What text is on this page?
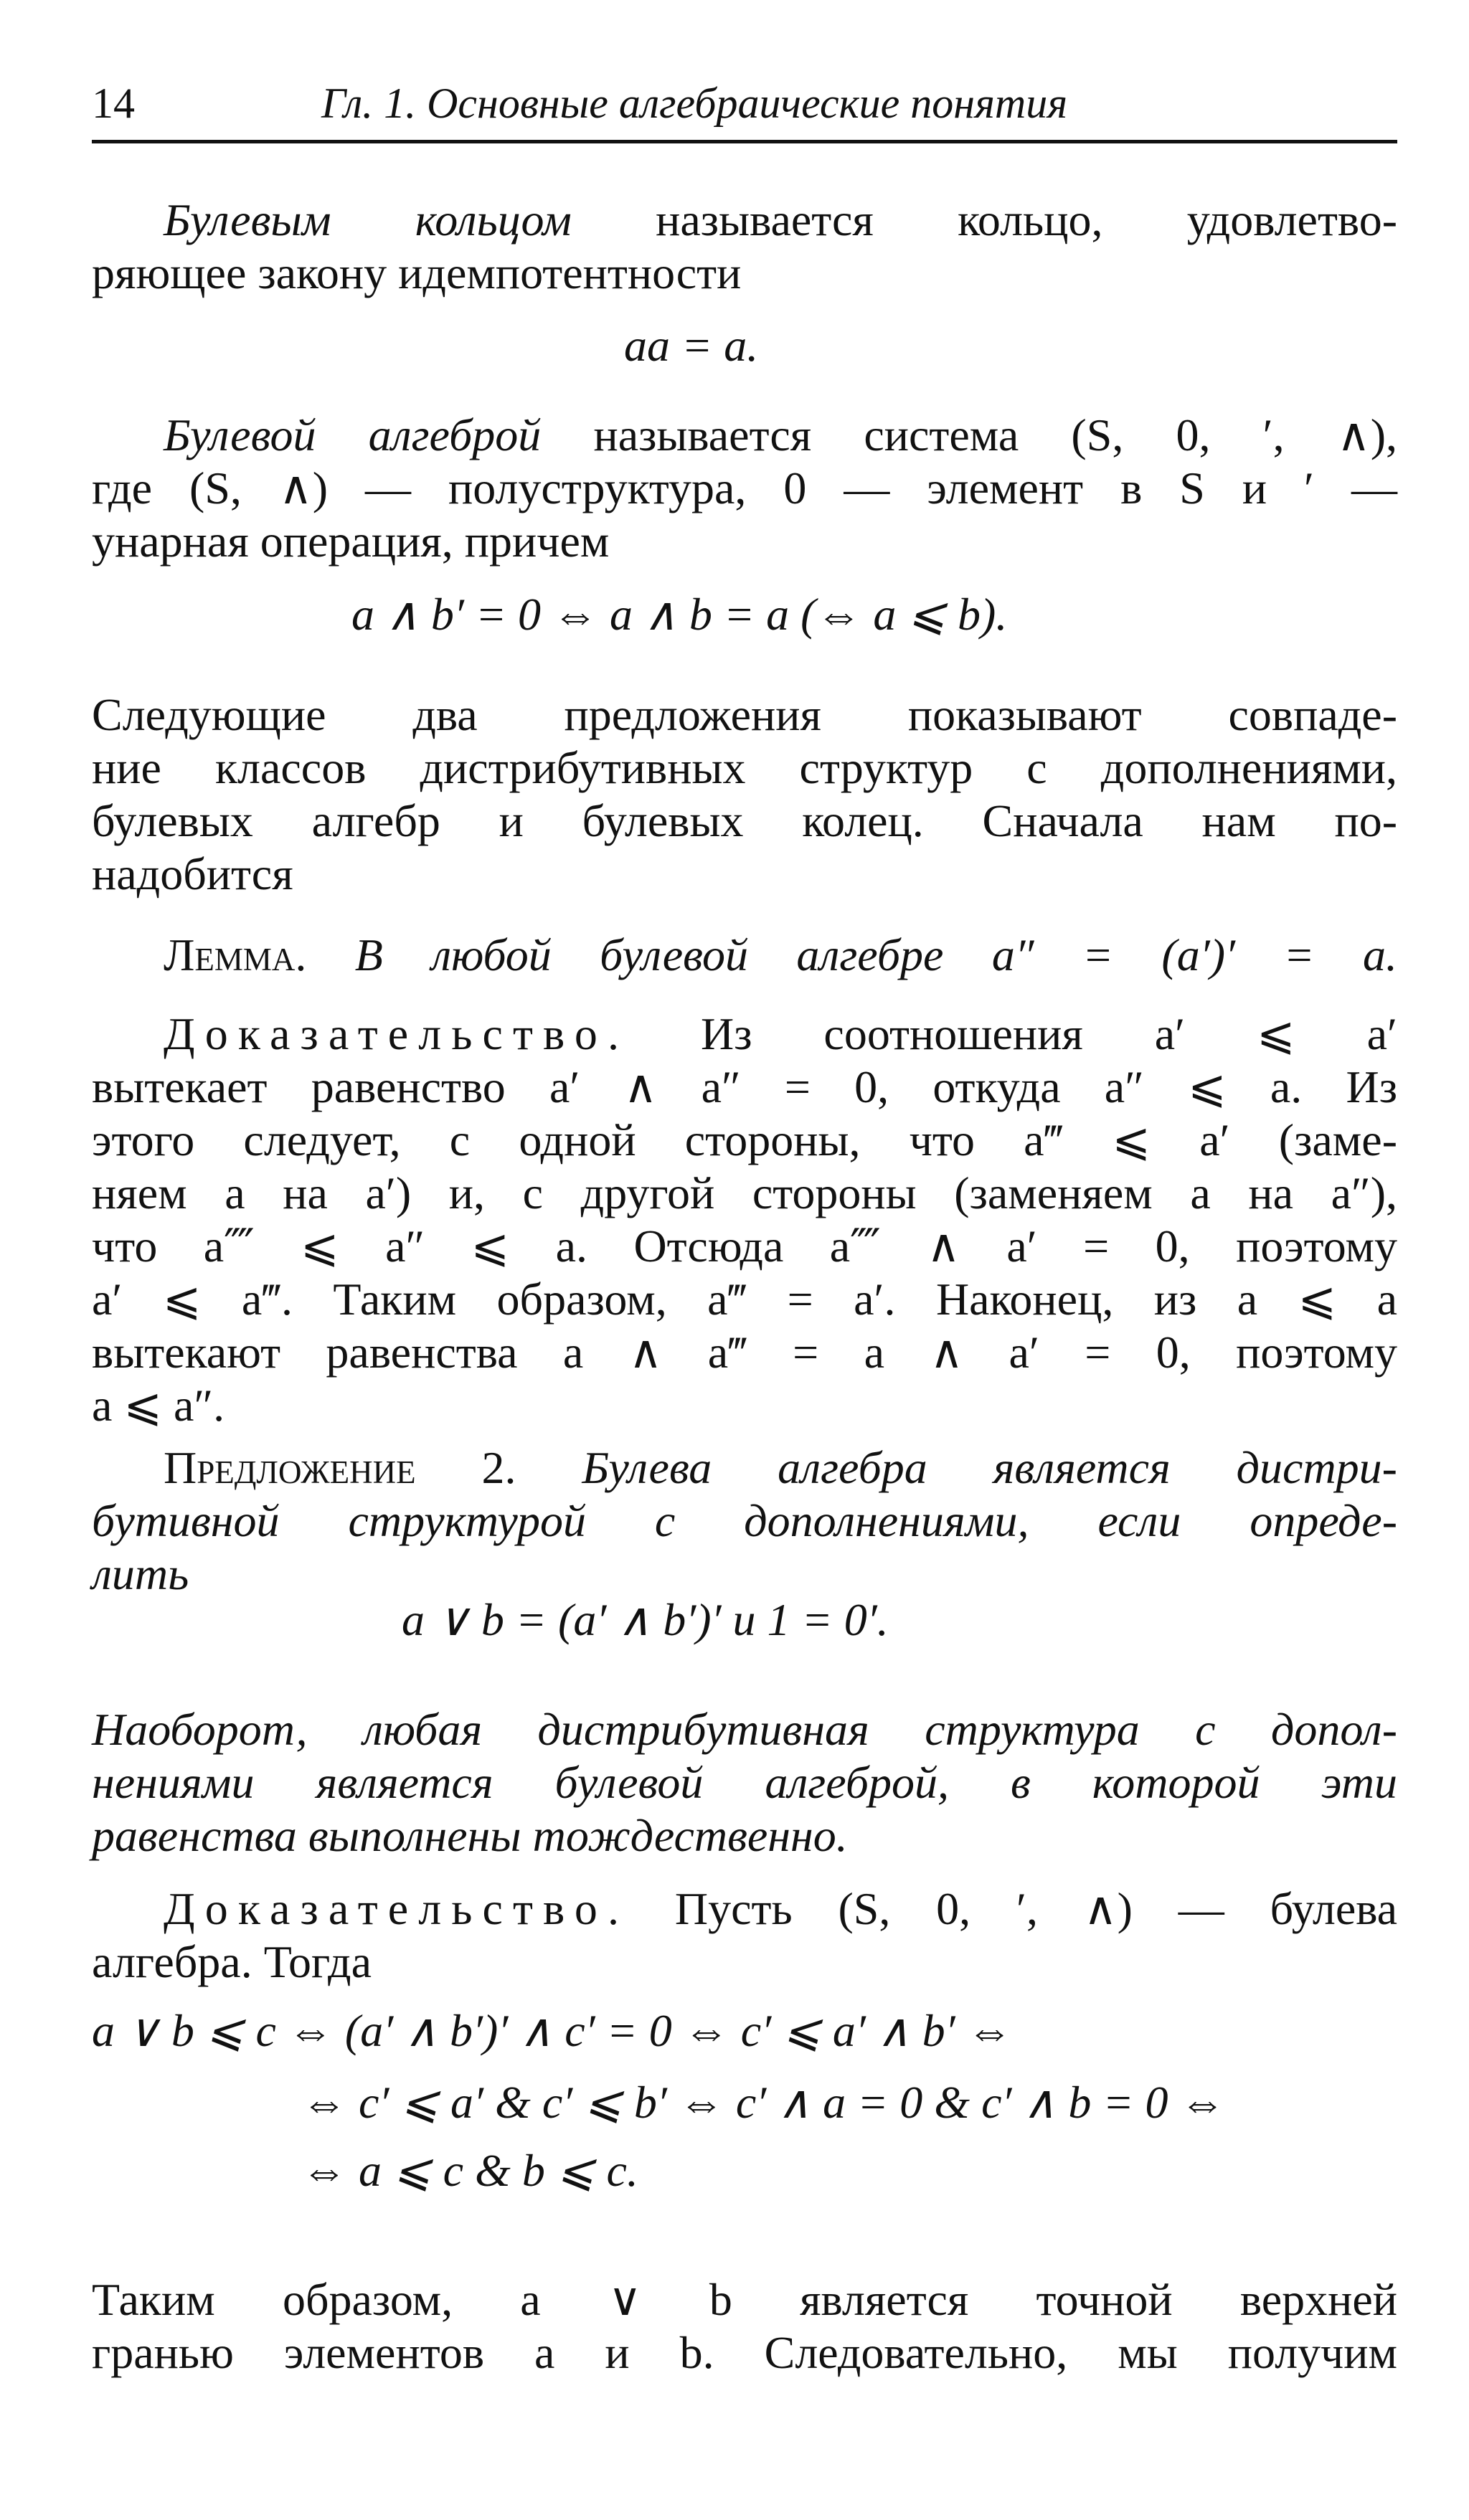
14	Гл. 1. Основные алгебраические понятия
Булевым кольцом называется кольцо, удовлетво-
ряющее закону идемпотентности
aa = a.
Булевой алгеброй называется система (S, 0, ′, ∧),
где (S, ∧) — полуструктура, 0 — элемент в S и ′ —
унарная операция, причем
a ∧ b′ = 0 ⇔ a ∧ b = a (⇔ a ⩽ b).
Следующие два предложения показывают совпаде-
ние классов дистрибутивных структур с дополнениями,
булевых алгебр и булевых колец. Сначала нам по-
надобится
Лемма. В любой булевой алгебре a″ = (a′)′ = a.
Доказательство. Из соотношения a′ ⩽ a′
вытекает равенство a′ ∧ a″ = 0, откуда a″ ⩽ a. Из
этого следует, с одной стороны, что a‴ ⩽ a′ (заме-
няем a на a′) и, с другой стороны (заменяем a на a″),
что a⁗ ⩽ a″ ⩽ a. Отсюда a⁗ ∧ a′ = 0, поэтому
a′ ⩽ a‴. Таким образом, a‴ = a′. Наконец, из a ⩽ a
вытекают равенства a ∧ a‴ = a ∧ a′ = 0, поэтому
a ⩽ a″.
Предложение 2. Булева алгебра является дистри-
бутивной структурой с дополнениями, если опреде-
лить
a ∨ b = (a′ ∧ b′)′ и 1 = 0′.
Наоборот, любая дистрибутивная структура с допол-
нениями является булевой алгеброй, в которой эти
равенства выполнены тождественно.
Доказательство. Пусть (S, 0, ′, ∧) — булева
алгебра. Тогда
a ∨ b ⩽ c ⇔ (a′ ∧ b′)′ ∧ c′ = 0 ⇔ c′ ⩽ a′ ∧ b′ ⇔
⇔ c′ ⩽ a′ & c′ ⩽ b′ ⇔ c′ ∧ a = 0 & c′ ∧ b = 0 ⇔
⇔ a ⩽ c & b ⩽ c.
Таким образом, a ∨ b является точной верхней
гранью элементов a и b. Следовательно, мы получим
